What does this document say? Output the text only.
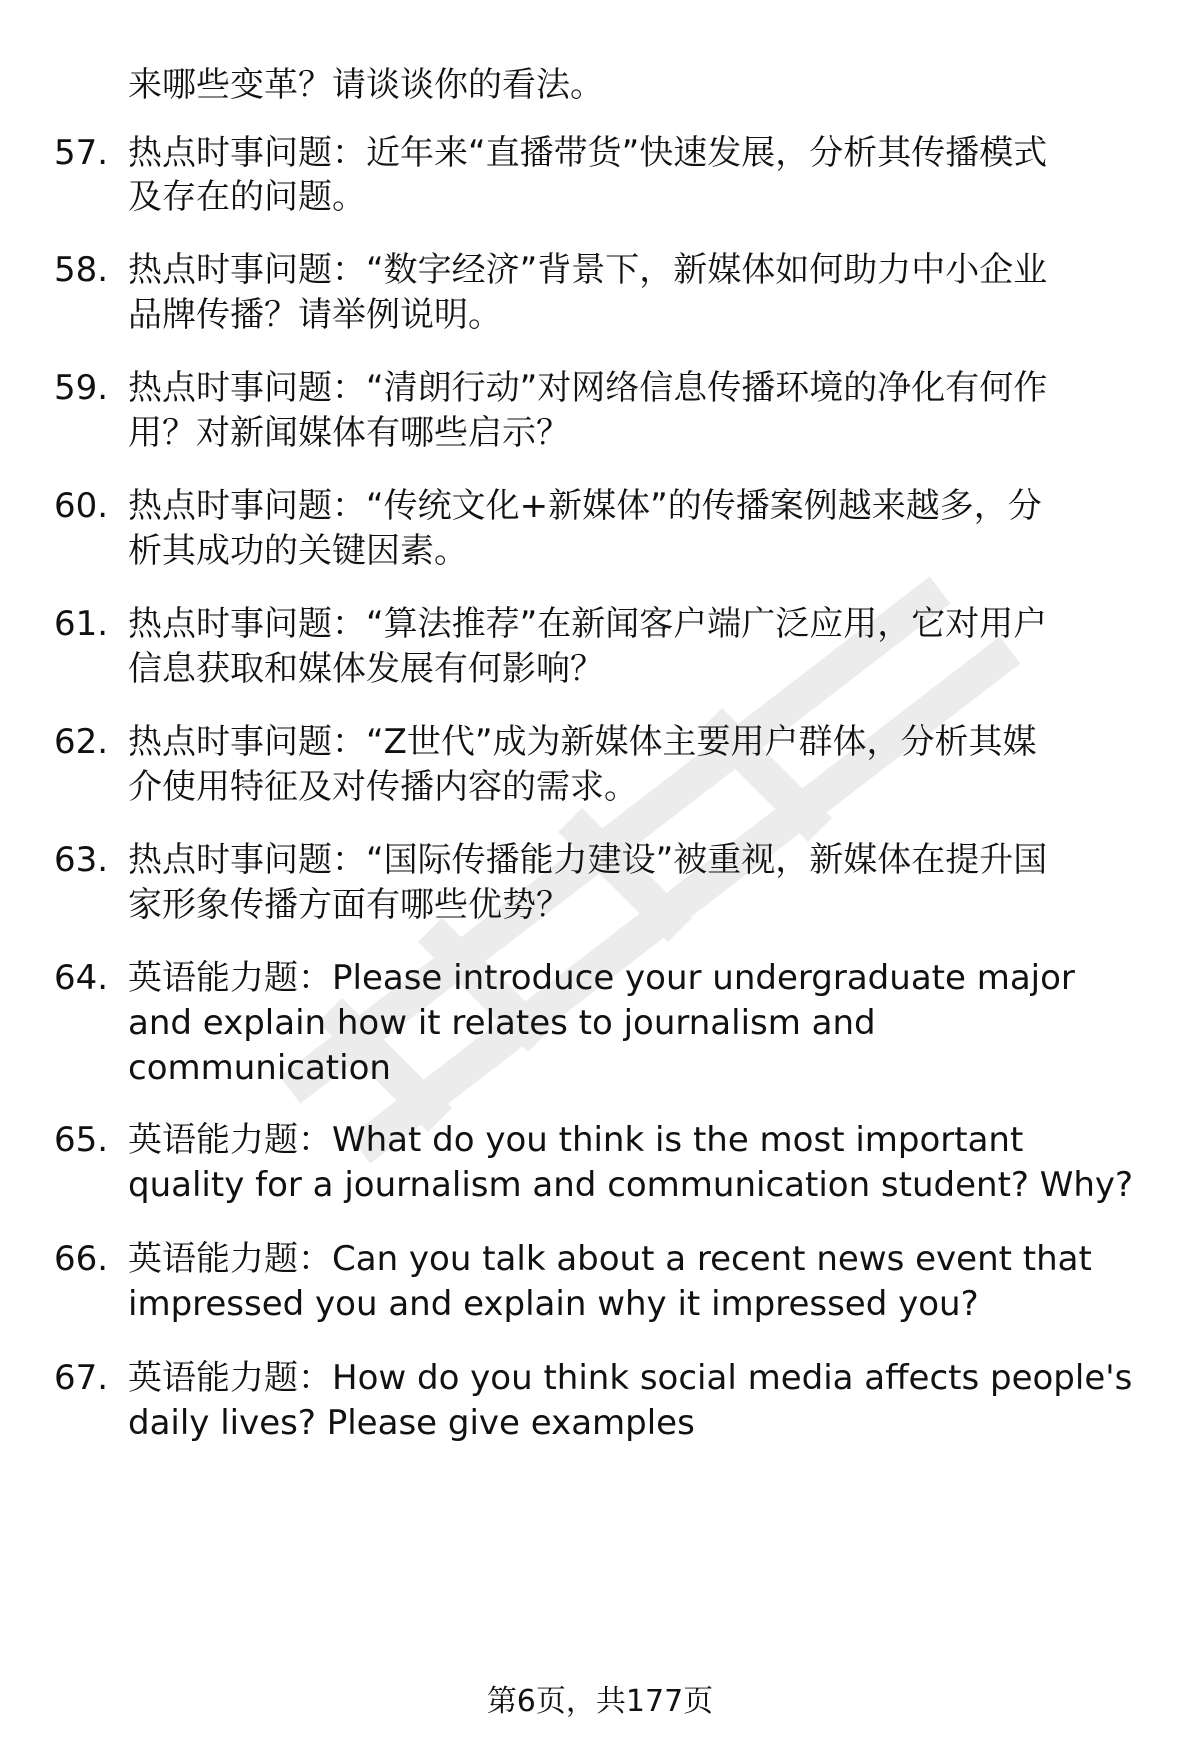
来哪些变革？请谈谈你的看法。
57. 热点时事问题：近年来“直播带货”快速发展，分析其传播模式
及存在的问题。
58. 热点时事问题：“数字经济”背景下，新媒体如何助力中小企业
品牌传播？请举例说明。
59. 热点时事问题：“清朗行动”对网络信息传播环境的净化有何作
用？对新闻媒体有哪些启示？
60. 热点时事问题：“传统文化+新媒体”的传播案例越来越多，分
析其成功的关键因素。
61. 热点时事问题：“算法推荐”在新闻客户端广泛应用，它对用户
信息获取和媒体发展有何影响？
62. 热点时事问题：“Z世代”成为新媒体主要用户群体，分析其媒
介使用特征及对传播内容的需求。
63. 热点时事问题：“国际传播能力建设”被重视，新媒体在提升国
家形象传播方面有哪些优势？
64. 英语能力题：Please introduce your undergraduate major
and explain how it relates to journalism and
communication
65. 英语能力题：What do you think is the most important
quality for a journalism and communication student? Why?
66. 英语能力题：Can you talk about a recent news event that
impressed you and explain why it impressed you?
67. 英语能力题：How do you think social media affects people's
daily lives? Please give examples
第6页，共177页
